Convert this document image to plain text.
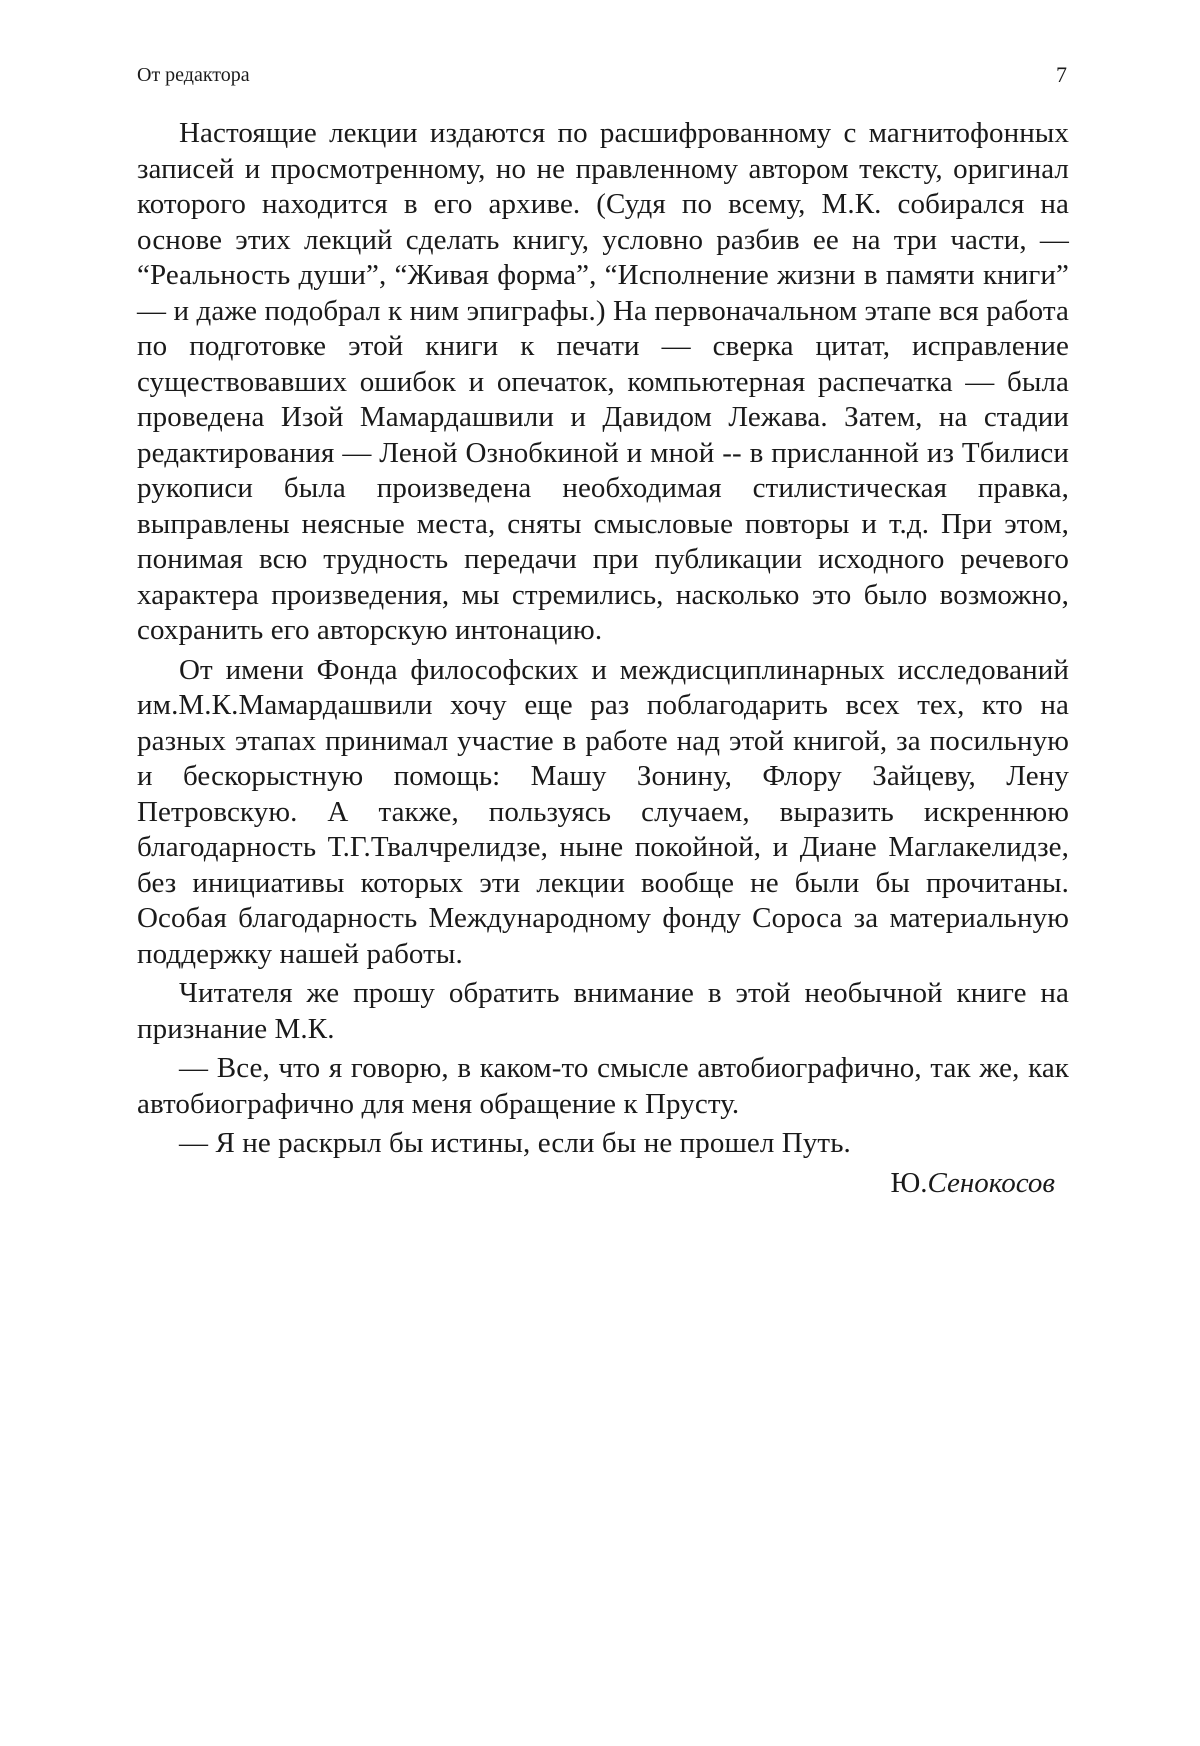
От редактора	7

Настоящие лекции издаются по расшифрованному с магнитофонных записей и просмотренному, но не правленному автором тексту, оригинал которого находится в его архиве. (Судя по всему, М.К. собирался на основе этих лекций сделать книгу, условно разбив ее на три части, — “Реальность души”, “Живая форма”, “Исполнение жизни в памяти книги” — и даже подобрал к ним эпиграфы.) На первоначальном этапе вся работа по подготовке этой книги к печати — сверка цитат, исправление существовавших ошибок и опечаток, компьютерная распечатка — была проведена Изой Мамардашвили и Давидом Лежава. Затем, на стадии редактирования — Леной Ознобкиной и мной -- в присланной из Тбилиси рукописи была произведена необходимая стилистическая правка, выправлены неясные места, сняты смысловые повторы и т.д. При этом, понимая всю трудность передачи при публикации исходного речевого характера произведения, мы стремились, насколько это было возможно, сохранить его авторскую интонацию.

От имени Фонда философских и междисциплинарных исследований им.М.К.Мамардашвили хочу еще раз поблагодарить всех тех, кто на разных этапах принимал участие в работе над этой книгой, за посильную и бескорыстную помощь: Машу Зонину, Флору Зайцеву, Лену Петровскую. А также, пользуясь случаем, выразить искреннюю благодарность Т.Г.Твалчрелидзе, ныне покойной, и Диане Маглакелидзе, без инициативы которых эти лекции вообще не были бы прочитаны. Особая благодарность Международному фонду Сороса за материальную поддержку нашей работы.

Читателя же прошу обратить внимание в этой необычной книге на признание М.К.

— Все, что я говорю, в каком-то смысле автобиографично, так же, как автобиографично для меня обращение к Прусту.

— Я не раскрыл бы истины, если бы не прошел Путь.

Ю.Сенокосов
